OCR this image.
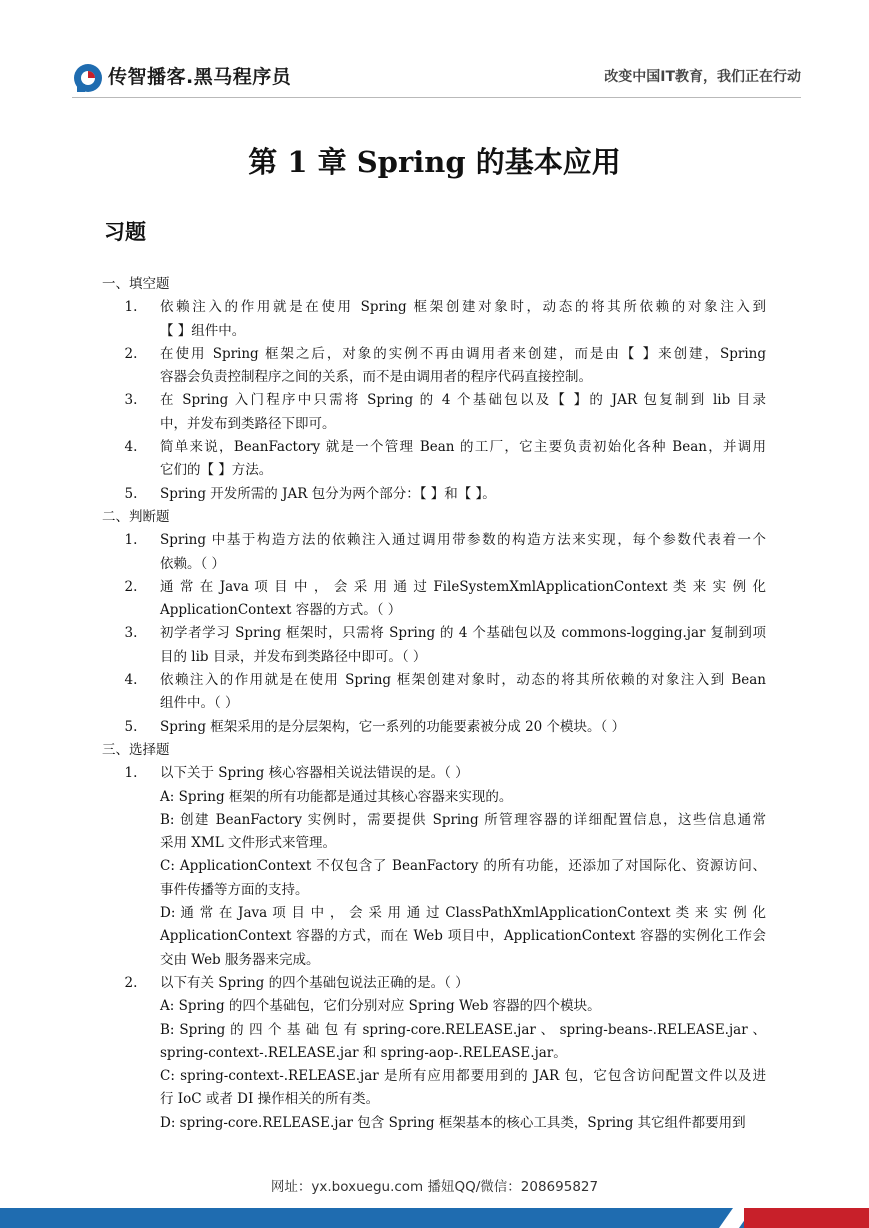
传智播客.黑马程序员	改变中国IT教育，我们正在行动
第 1 章 Spring 的基本应用
习题
一、填空题
1.	依赖注入的作用就是在使用 Spring 框架创建对象时，动态的将其所依赖的对象注入到
【 】组件中。
2.	在使用 Spring 框架之后，对象的实例不再由调用者来创建，而是由【 】来创建，Spring
容器会负责控制程序之间的关系，而不是由调用者的程序代码直接控制。
3.	在 Spring 入门程序中只需将 Spring 的 4 个基础包以及【 】的 JAR 包复制到 lib 目录
中，并发布到类路径下即可。
4.	简单来说，BeanFactory 就是一个管理 Bean 的工厂，它主要负责初始化各种 Bean，并调用
它们的【 】方法。
5.	Spring 开发所需的 JAR 包分为两个部分：【 】和【 】。
二、判断题
1.	Spring 中基于构造方法的依赖注入通过调用带参数的构造方法来实现，每个参数代表着一个
依赖。（ ）
2.	通 常 在 Java 项 目 中 ， 会 采 用 通 过 FileSystemXmlApplicationContext 类 来 实 例 化
ApplicationContext 容器的方式。（ ）
3.	初学者学习 Spring 框架时，只需将 Spring 的 4 个基础包以及 commons-logging.jar 复制到项
目的 lib 目录，并发布到类路径中即可。（ ）
4.	依赖注入的作用就是在使用 Spring 框架创建对象时，动态的将其所依赖的对象注入到 Bean
组件中。（ ）
5.	Spring 框架采用的是分层架构，它一系列的功能要素被分成 20 个模块。（ ）
三、选择题
1.	以下关于 Spring 核心容器相关说法错误的是。（ ）
A: Spring 框架的所有功能都是通过其核心容器来实现的。
B: 创建 BeanFactory 实例时，需要提供 Spring 所管理容器的详细配置信息，这些信息通常
采用 XML 文件形式来管理。
C: ApplicationContext 不仅包含了 BeanFactory 的所有功能，还添加了对国际化、资源访问、
事件传播等方面的支持。
D: 通 常 在 Java 项 目 中 ， 会 采 用 通 过 ClassPathXmlApplicationContext 类 来 实 例 化
ApplicationContext 容器的方式，而在 Web 项目中，ApplicationContext 容器的实例化工作会
交由 Web 服务器来完成。
2.	以下有关 Spring 的四个基础包说法正确的是。（ ）
A: Spring 的四个基础包，它们分别对应 Spring Web 容器的四个模块。
B: Spring 的 四 个 基 础 包 有 spring-core.RELEASE.jar 、 spring-beans-.RELEASE.jar 、
spring-context-.RELEASE.jar 和 spring-aop-.RELEASE.jar。
C: spring-context-.RELEASE.jar 是所有应用都要用到的 JAR 包，它包含访问配置文件以及进
行 IoC 或者 DI 操作相关的所有类。
D: spring-core.RELEASE.jar 包含 Spring 框架基本的核心工具类，Spring 其它组件都要用到
网址：yx.boxuegu.com 播妞QQ/微信：208695827
